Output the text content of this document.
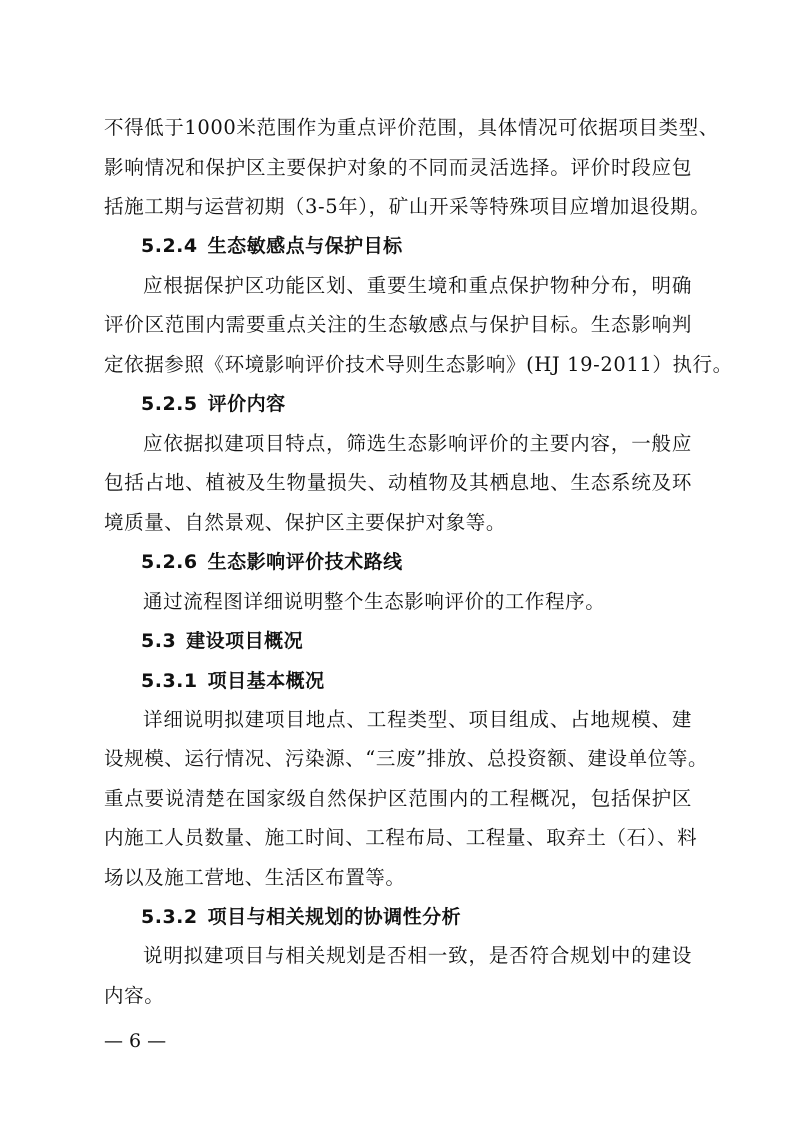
不得低于1000米范围作为重点评价范围，具体情况可依据项目类型、
影响情况和保护区主要保护对象的不同而灵活选择。评价时段应包
括施工期与运营初期（3-5年），矿山开采等特殊项目应增加退役期。
5.2.4 生态敏感点与保护目标
应根据保护区功能区划、重要生境和重点保护物种分布，明确
评价区范围内需要重点关注的生态敏感点与保护目标。生态影响判
定依据参照《环境影响评价技术导则生态影响》(HJ 19-2011）执行。
5.2.5 评价内容
应依据拟建项目特点，筛选生态影响评价的主要内容，一般应
包括占地、植被及生物量损失、动植物及其栖息地、生态系统及环
境质量、自然景观、保护区主要保护对象等。
5.2.6 生态影响评价技术路线
通过流程图详细说明整个生态影响评价的工作程序。
5.3 建设项目概况
5.3.1 项目基本概况
详细说明拟建项目地点、工程类型、项目组成、占地规模、建
设规模、运行情况、污染源、“三废”排放、总投资额、建设单位等。
重点要说清楚在国家级自然保护区范围内的工程概况，包括保护区
内施工人员数量、施工时间、工程布局、工程量、取弃土（石）、料
场以及施工营地、生活区布置等。
5.3.2 项目与相关规划的协调性分析
说明拟建项目与相关规划是否相一致，是否符合规划中的建设
内容。
— 6 —
